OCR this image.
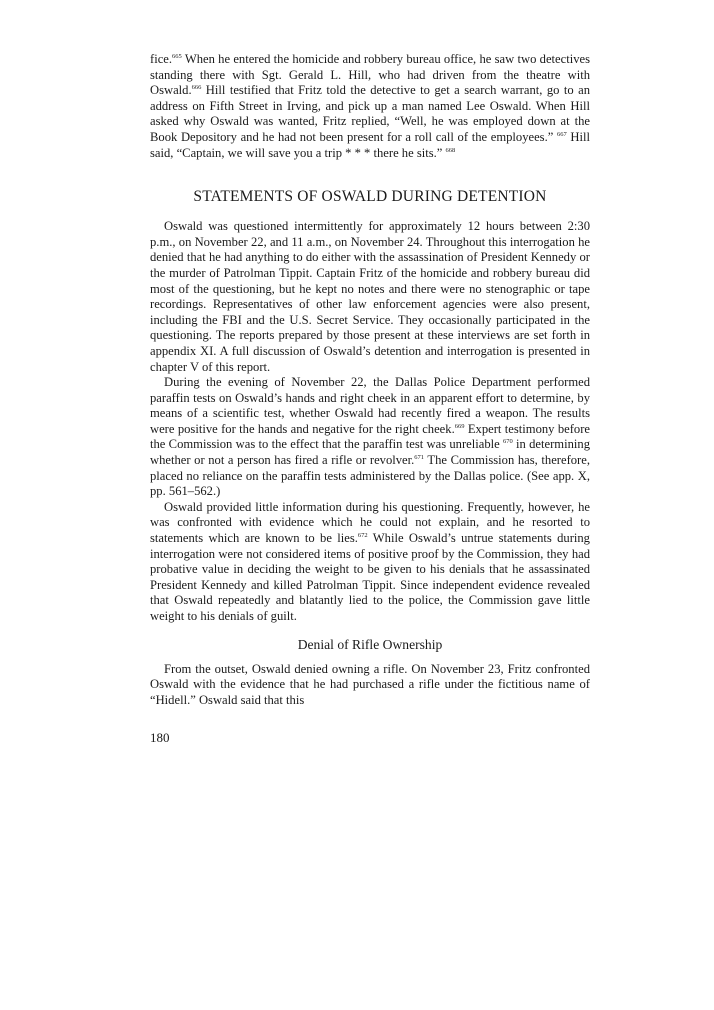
fice.$^{665}$ When he entered the homicide and robbery bureau office, he saw two detectives standing there with Sgt. Gerald L. Hill, who had driven from the theatre with Oswald.$^{666}$ Hill testified that Fritz told the detective to get a search warrant, go to an address on Fifth Street in Irving, and pick up a man named Lee Oswald. When Hill asked why Oswald was wanted, Fritz replied, “Well, he was employed down at the Book Depository and he had not been present for a roll call of the employees.” $^{667}$ Hill said, “Captain, we will save you a trip * * * there he sits.” $^{668}$

STATEMENTS OF OSWALD DURING DETENTION

Oswald was questioned intermittently for approximately 12 hours between 2:30 p.m., on November 22, and 11 a.m., on November 24. Throughout this interrogation he denied that he had anything to do either with the assassination of President Kennedy or the murder of Patrolman Tippit. Captain Fritz of the homicide and robbery bureau did most of the questioning, but he kept no notes and there were no stenographic or tape recordings. Representatives of other law enforcement agencies were also present, including the FBI and the U.S. Secret Service. They occasionally participated in the questioning. The reports prepared by those present at these interviews are set forth in appendix XI. A full discussion of Oswald’s detention and interrogation is presented in chapter V of this report.

During the evening of November 22, the Dallas Police Department performed paraffin tests on Oswald’s hands and right cheek in an apparent effort to determine, by means of a scientific test, whether Oswald had recently fired a weapon. The results were positive for the hands and negative for the right cheek.$^{669}$ Expert testimony before the Commission was to the effect that the paraffin test was unreliable $^{670}$ in determining whether or not a person has fired a rifle or revolver.$^{671}$ The Commission has, therefore, placed no reliance on the paraffin tests administered by the Dallas police. (See app. X, pp. 561–562.)

Oswald provided little information during his questioning. Frequently, however, he was confronted with evidence which he could not explain, and he resorted to statements which are known to be lies.$^{672}$ While Oswald’s untrue statements during interrogation were not considered items of positive proof by the Commission, they had probative value in deciding the weight to be given to his denials that he assassinated President Kennedy and killed Patrolman Tippit. Since independent evidence revealed that Oswald repeatedly and blatantly lied to the police, the Commission gave little weight to his denials of guilt.

Denial of Rifle Ownership

From the outset, Oswald denied owning a rifle. On November 23, Fritz confronted Oswald with the evidence that he had purchased a rifle under the fictitious name of “Hidell.” Oswald said that this

180
